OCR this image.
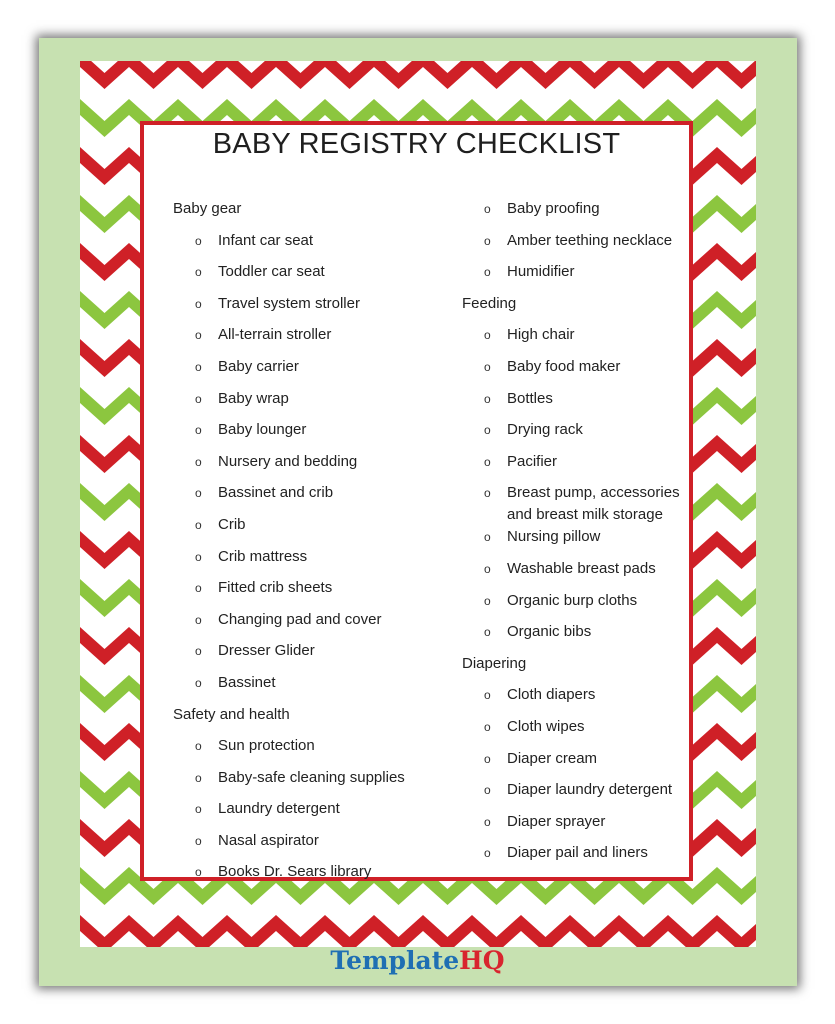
BABY REGISTRY CHECKLIST
Baby gear
o Infant car seat
o Toddler car seat
o Travel system stroller
o All-terrain stroller
o Baby carrier
o Baby wrap
o Baby lounger
o Nursery and bedding
o Bassinet and crib
o Crib
o Crib mattress
o Fitted crib sheets
o Changing pad and cover
o Dresser Glider
o Bassinet
Safety and health
o Sun protection
o Baby-safe cleaning supplies
o Laundry detergent
o Nasal aspirator
o Books Dr. Sears library
o Baby proofing
o Amber teething necklace
o Humidifier
Feeding
o High chair
o Baby food maker
o Bottles
o Drying rack
o Pacifier
o Breast pump, accessories and breast milk storage
o Nursing pillow
o Washable breast pads
o Organic burp cloths
o Organic bibs
Diapering
o Cloth diapers
o Cloth wipes
o Diaper cream
o Diaper laundry detergent
o Diaper sprayer
o Diaper pail and liners
TemplateHQ
